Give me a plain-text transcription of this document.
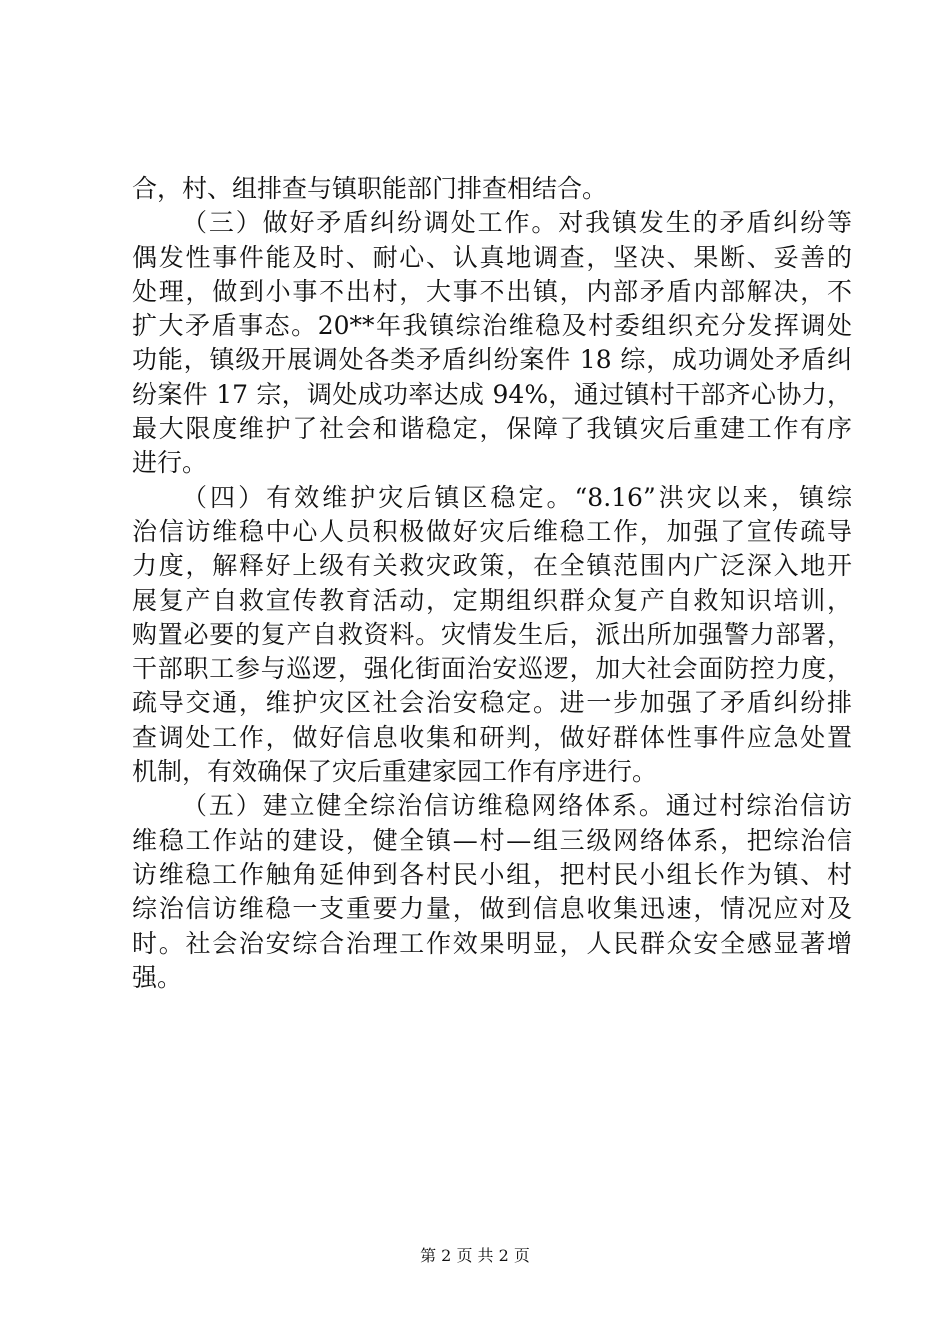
合，村、组排查与镇职能部门排查相结合。
（三）做好矛盾纠纷调处工作。对我镇发生的矛盾纠纷等
偶发性事件能及时、耐心、认真地调查，坚决、果断、妥善的
处理，做到小事不出村，大事不出镇，内部矛盾内部解决，不
扩大矛盾事态。20**年我镇综治维稳及村委组织充分发挥调处
功能，镇级开展调处各类矛盾纠纷案件 18 综，成功调处矛盾纠
纷案件 17 宗，调处成功率达成 94%，通过镇村干部齐心协力，
最大限度维护了社会和谐稳定，保障了我镇灾后重建工作有序
进行。
（四）有效维护灾后镇区稳定。“8.16”洪灾以来，镇综
治信访维稳中心人员积极做好灾后维稳工作，加强了宣传疏导
力度，解释好上级有关救灾政策，在全镇范围内广泛深入地开
展复产自救宣传教育活动，定期组织群众复产自救知识培训，
购置必要的复产自救资料。灾情发生后，派出所加强警力部署，
干部职工参与巡逻，强化街面治安巡逻，加大社会面防控力度，
疏导交通，维护灾区社会治安稳定。进一步加强了矛盾纠纷排
查调处工作，做好信息收集和研判，做好群体性事件应急处置
机制，有效确保了灾后重建家园工作有序进行。
（五）建立健全综治信访维稳网络体系。通过村综治信访
维稳工作站的建设，健全镇—村—组三级网络体系，把综治信
访维稳工作触角延伸到各村民小组，把村民小组长作为镇、村
综治信访维稳一支重要力量，做到信息收集迅速，情况应对及
时。社会治安综合治理工作效果明显，人民群众安全感显著增
强。
第 2 页 共 2 页
